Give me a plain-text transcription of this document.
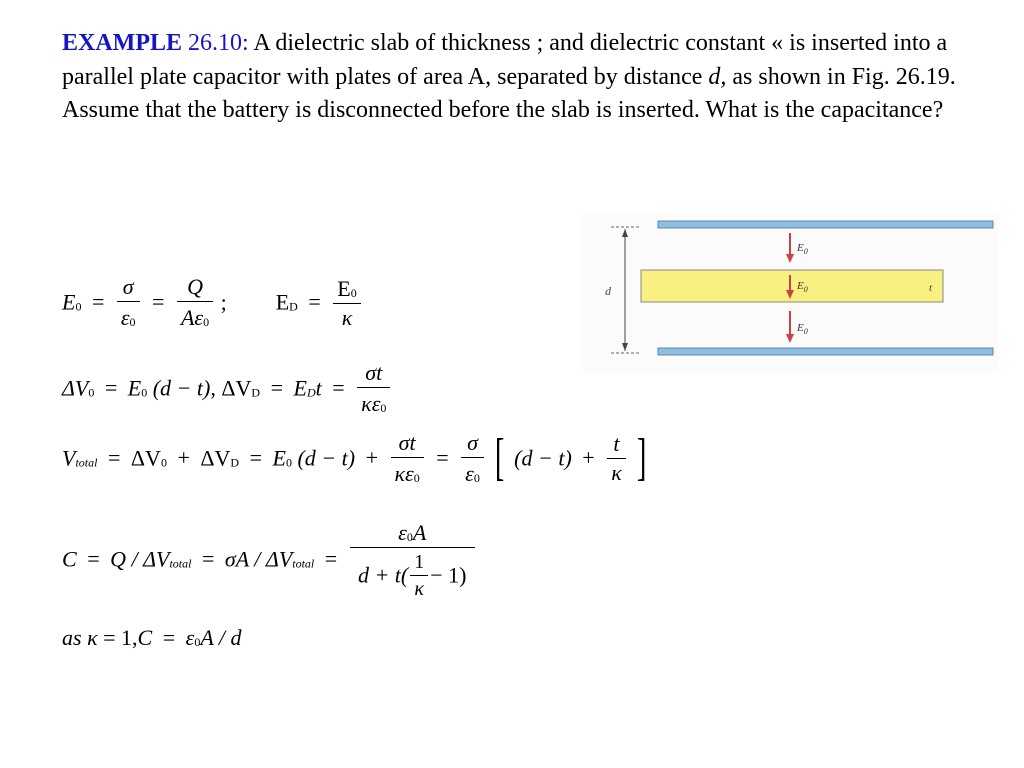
EXAMPLE 26.10: A dielectric slab of thickness ; and dielectric constant « is inserted into a parallel plate capacitor with plates of area A, separated by distance d, as shown in Fig. 26.19. Assume that the battery is disconnected before the slab is inserted. What is the capacitance?
d	t
$E_0$
$E_0$
$E_0$
$E_0 = \frac{\sigma}{\varepsilon_0} = \frac{Q}{A\varepsilon_0}$ ; $E_D = \frac{E_0}{\kappa}$
$\Delta V_0 = E_0$ (d − t), $\Delta V_D = E_Dt = \frac{\sigma t}{\kappa\varepsilon_0}$
$V_{total} = \Delta V_0 + \Delta V_D = E_0$ $(d - t) + \frac{\sigma t}{\kappa\varepsilon_0} = \frac{\sigma}{\varepsilon_0}$ [ $(d - t) + \frac{t}{\kappa}$ ]
$C = Q / \Delta V_{total} = \sigma A / \Delta V_{total} = \frac{\varepsilon_0A}{d + t( \frac{1}{\kappa} - 1)}$
as $\kappa = 1,C = \varepsilon_0A / d$
